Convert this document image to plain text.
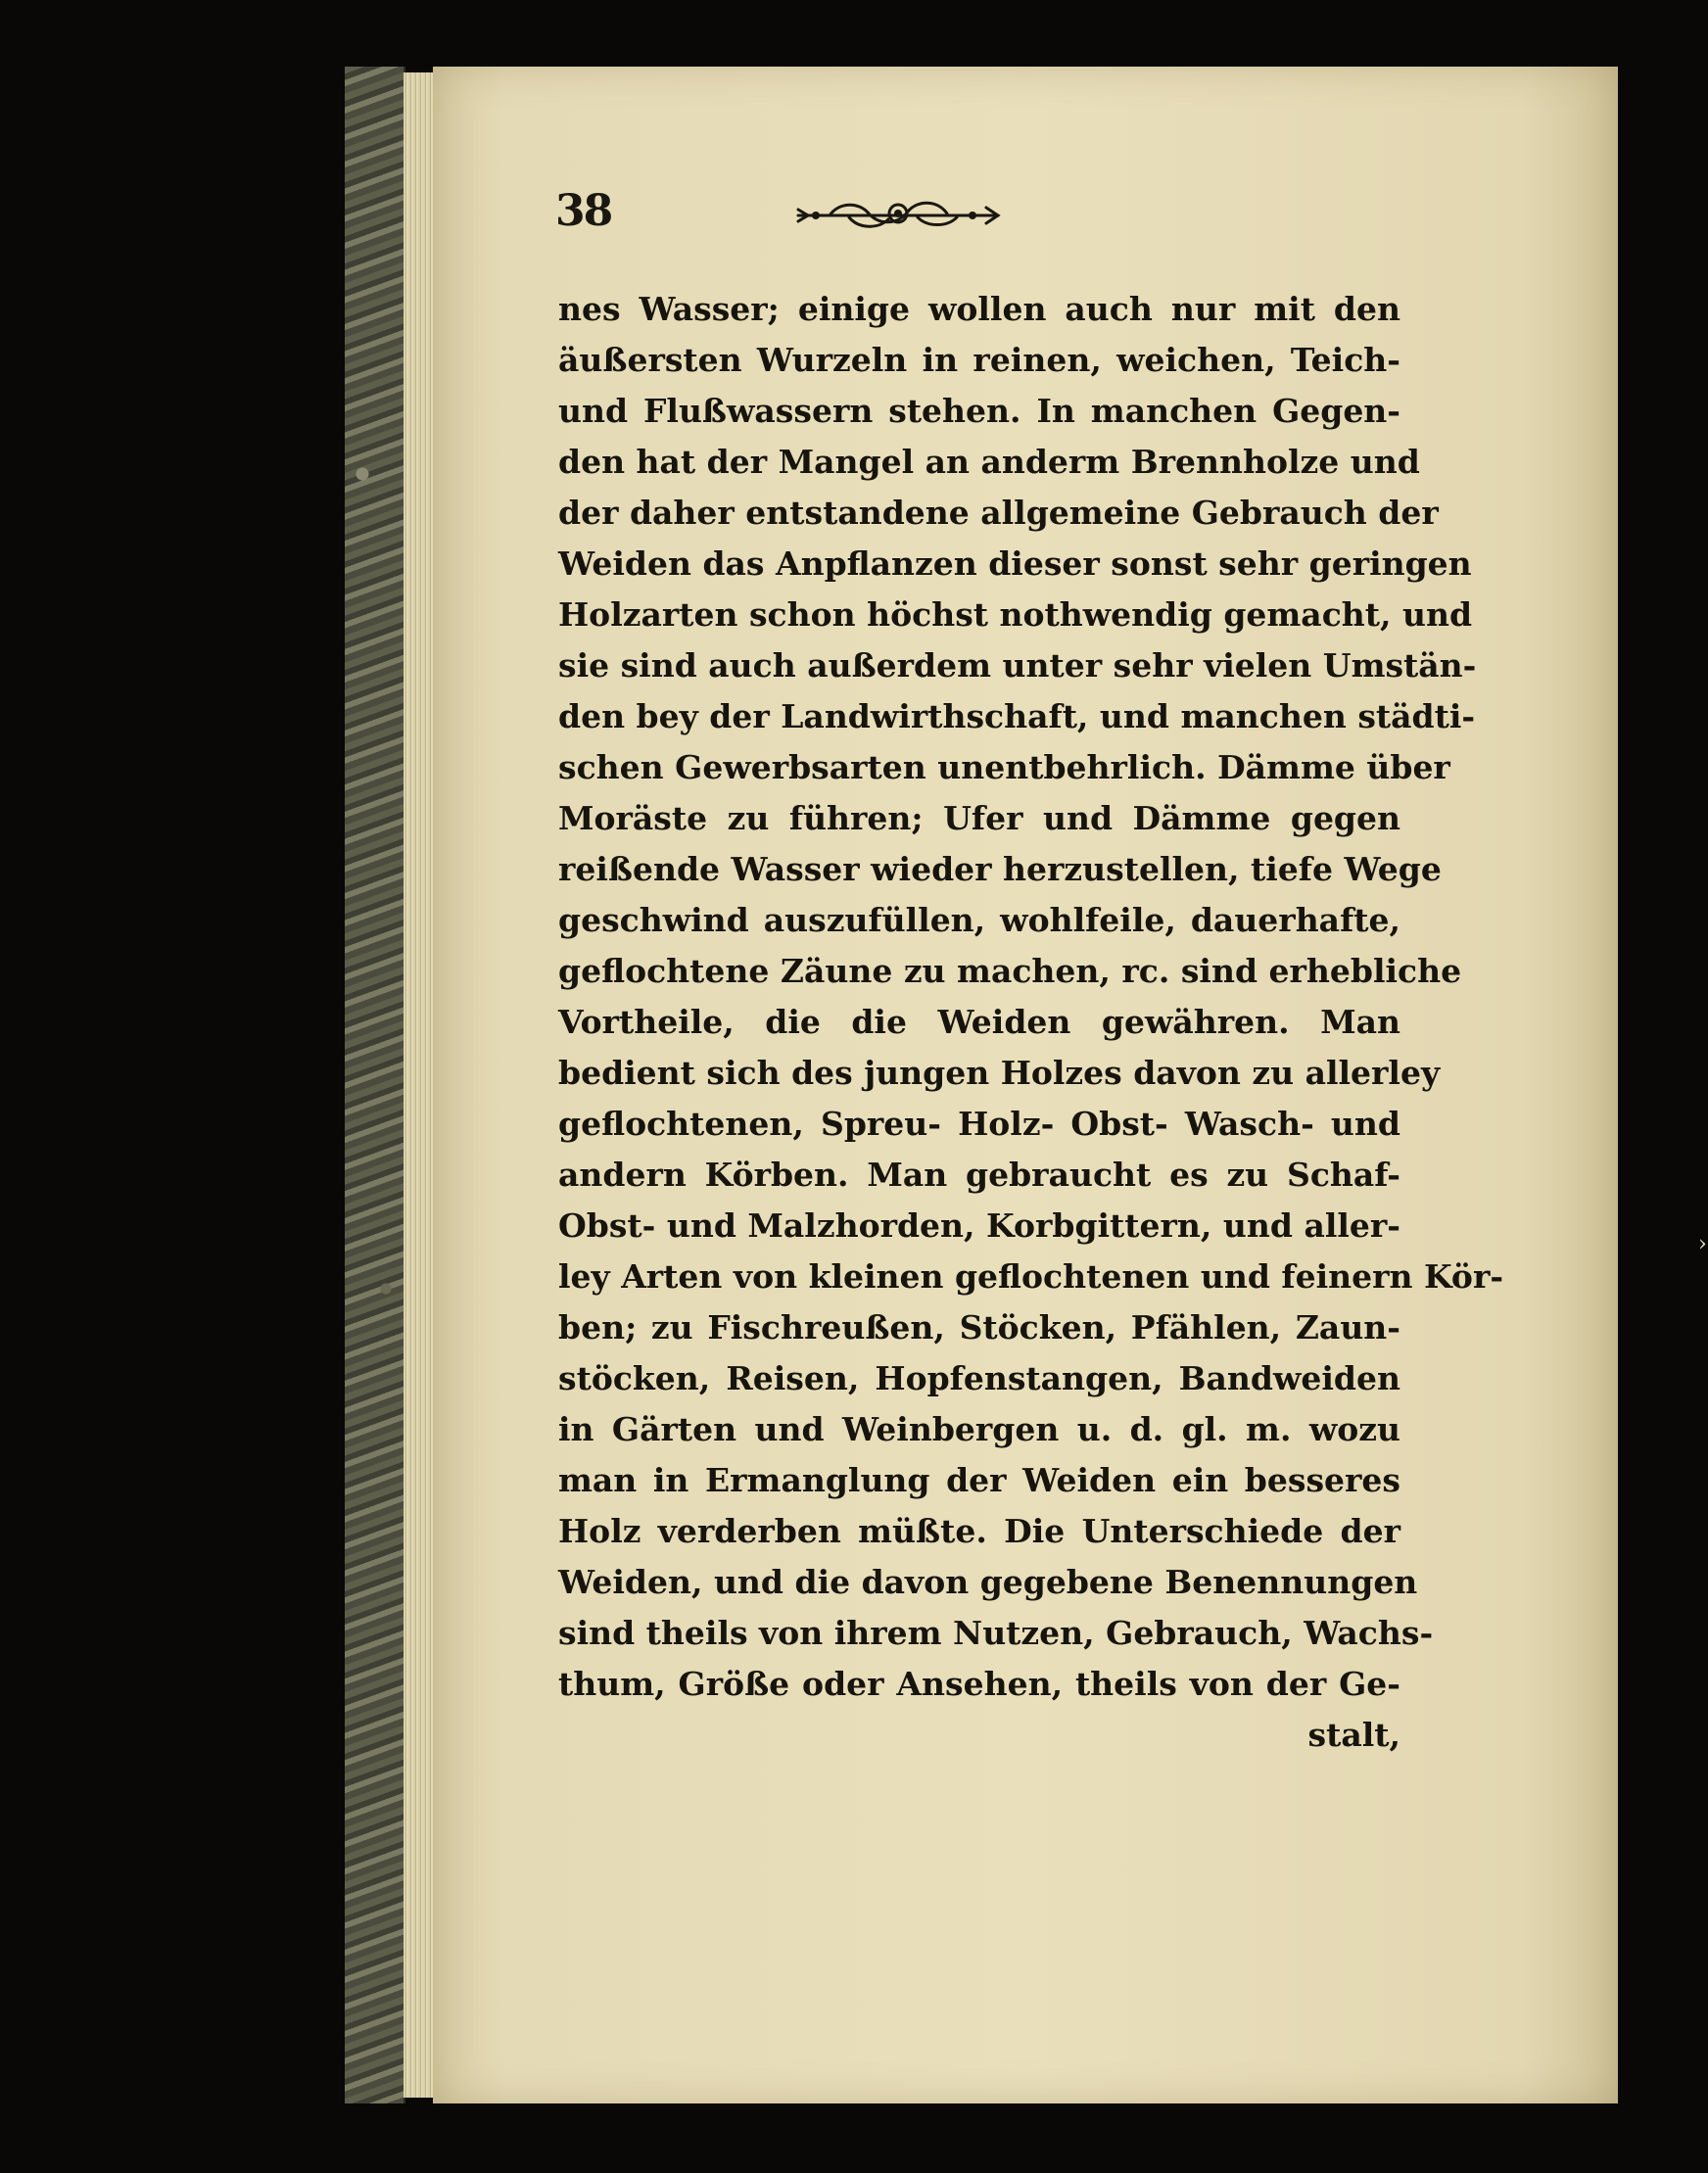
38
nes Wasser; einige wollen auch nur mit den
äußersten Wurzeln in reinen, weichen, Teich-
und Flußwassern stehen. In manchen Gegen-
den hat der Mangel an anderm Brennholze und
der daher entstandene allgemeine Gebrauch der
Weiden das Anpflanzen dieser sonst sehr geringen
Holzarten schon höchst nothwendig gemacht, und
sie sind auch außerdem unter sehr vielen Umstän-
den bey der Landwirthschaft, und manchen städti-
schen Gewerbsarten unentbehrlich. Dämme über
Moräste zu führen; Ufer und Dämme gegen
reißende Wasser wieder herzustellen, tiefe Wege
geschwind auszufüllen, wohlfeile, dauerhafte,
geflochtene Zäune zu machen, rc. sind erhebliche
Vortheile, die die Weiden gewähren. Man
bedient sich des jungen Holzes davon zu allerley
geflochtenen, Spreu- Holz- Obst- Wasch- und
andern Körben. Man gebraucht es zu Schaf-
Obst- und Malzhorden, Korbgittern, und aller-
ley Arten von kleinen geflochtenen und feinern Kör-
ben; zu Fischreußen, Stöcken, Pfählen, Zaun-
stöcken, Reisen, Hopfenstangen, Bandweiden
in Gärten und Weinbergen u. d. gl. m. wozu
man in Ermanglung der Weiden ein besseres
Holz verderben müßte. Die Unterschiede der
Weiden, und die davon gegebene Benennungen
sind theils von ihrem Nutzen, Gebrauch, Wachs-
thum, Größe oder Ansehen, theils von der Ge-
stalt,
›
